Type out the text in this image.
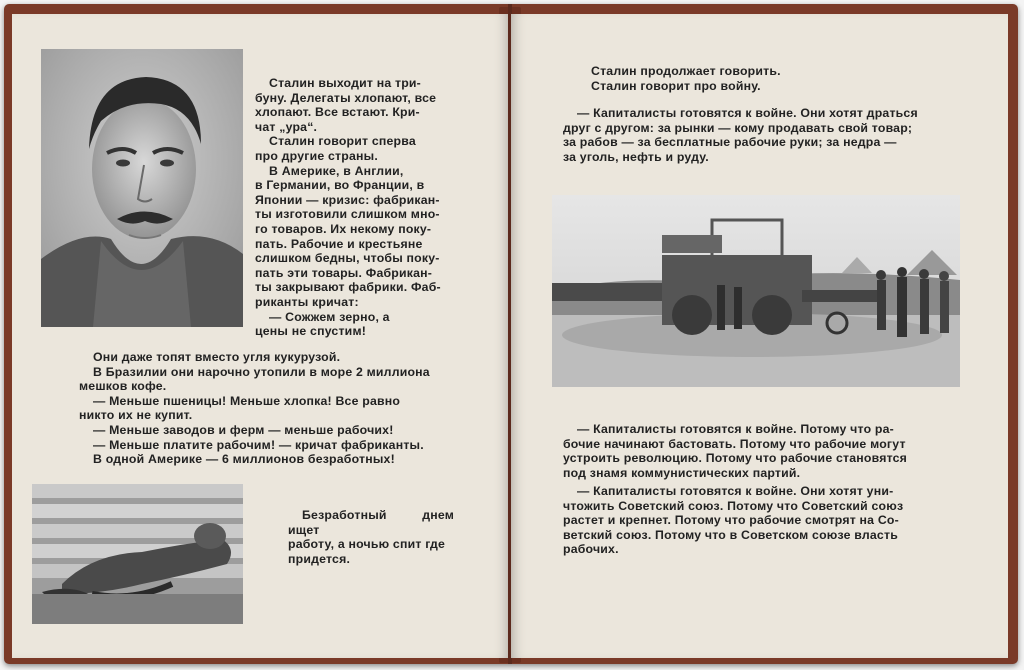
Сталин выходит на три-

буну. Делегаты хлопают, все

хлопают. Все встают. Кри-

чат „ура“.

Сталин говорит сперва

про другие страны.

В Америке, в Англии,

в Германии, во Франции, в

Японии — кризис: фабрикан-

ты изготовили слишком мно-

го товаров. Их некому поку-

пать. Рабочие и крестьяне

слишком бедны, чтобы поку-

пать эти товары. Фабрикан-

ты закрывают фабрики. Фаб-

риканты кричат:

— Сожжем зерно, а

цены не спустим!

Они даже топят вместо угля кукурузой.

В Бразилии они нарочно утопили в море 2 миллиона

мешков кофе.

— Меньше пшеницы! Меньше хлопка! Все равно

никто их не купит.

— Меньше заводов и ферм — меньше рабочих!

— Меньше платите рабочим! — кричат фабриканты.

В одной Америке — 6 миллионов безработных!

Безработный днем ищет

работу, а ночью спит где

придется.

Сталин продолжает говорить.

Сталин говорит про войну.

— Капиталисты готовятся к войне. Они хотят драться

друг с другом: за рынки — кому продавать свой товар;

за рабов — за бесплатные рабочие руки; за недра —

за уголь, нефть и руду.

— Капиталисты готовятся к войне. Потому что ра-

бочие начинают бастовать. Потому что рабочие могут

устроить революцию. Потому что рабочие становятся

под знамя коммунистических партий.

— Капиталисты готовятся к войне. Они хотят уни-

чтожить Советский союз. Потому что Советский союз

растет и крепнет. Потому что рабочие смотрят на Со-

ветский союз. Потому что в Советском союзе власть

рабочих.
